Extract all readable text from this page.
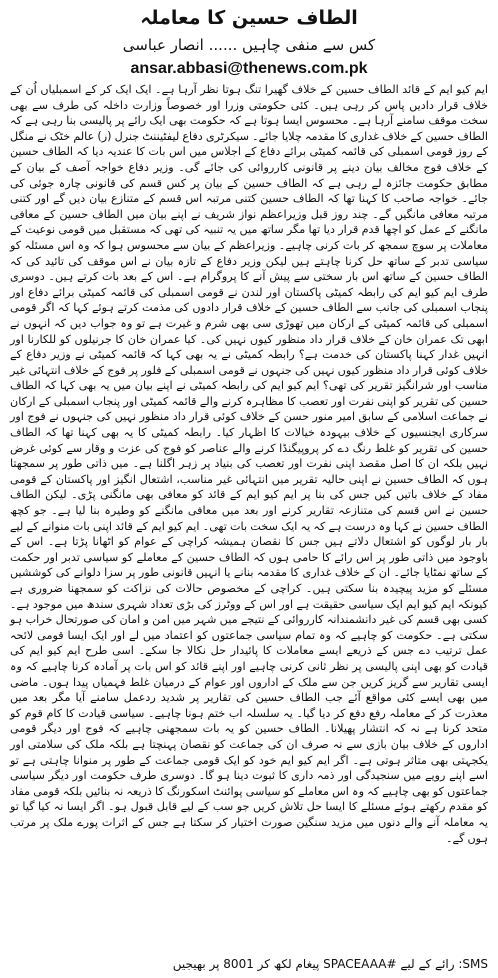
الطاف حسین کا معاملہ

کس سے منفی چاہیں ...... انصار عباسی

ansar.abbasi@thenews.com.pk

ایم کیو ایم کے قائد الطاف حسین کے خلاف گھیرا تنگ ہوتا نظر آرہا ہے۔ ایک ایک کر کے اسمبلیاں اُن کے خلاف قرار دادیں پاس کر رہی ہیں۔ کئی حکومتی وزرا اور خصوصاً وزارت داخلہ کی طرف سے بھی سخت موقف سامنے آرہا ہے۔ محسوس ایسا ہوتا ہے کہ حکومت بھی ایک رائے پر پالیسی بنا رہی ہے کہ الطاف حسین کے خلاف غداری کا مقدمہ چلایا جائے۔ سیکرٹری دفاع لیفٹیننٹ جنرل (ر) عالم خٹک نے منگل کے روز قومی اسمبلی کی قائمہ کمیٹی برائے دفاع کے اجلاس میں اس بات کا عندیہ دیا کہ الطاف حسین کے خلاف فوج مخالف بیان دینے پر قانونی کارروائی کی جائے گی۔ وزیر دفاع خواجہ آصف کے بیان کے مطابق حکومت جائزہ لے رہی ہے کہ الطاف حسین کے بیان پر کس قسم کی قانونی چارہ جوئی کی جائے۔ خواجہ صاحب کا کہنا تھا کہ الطاف حسین کتنی مرتبہ اس قسم کے متنازع بیان دیں گے اور کتنی مرتبہ معافی مانگیں گے۔ چند روز قبل وزیراعظم نواز شریف نے اپنے بیان میں الطاف حسین کے معافی مانگنے کے عمل کو اچھا قدم قرار دیا تھا مگر ساتھ میں یہ تنبیہ کی تھی کہ مستقبل میں قومی نوعیت کے معاملات پر سوچ سمجھ کر بات کرنی چاہیے۔ وزیراعظم کے بیان سے محسوس ہوا کہ وہ اس مسئلہ کو سیاسی تدبر کے ساتھ حل کرنا چاہتے ہیں لیکن وزیر دفاع کے تازہ بیان نے اس موقف کی تائید کی کہ الطاف حسین کے ساتھ اس بار سختی سے پیش آنے کا پروگرام ہے۔ اس کے بعد بات کرتے ہیں۔ دوسری طرف ایم کیو ایم کی رابطہ کمیٹی پاکستان اور لندن نے قومی اسمبلی کی قائمہ کمیٹی برائے دفاع اور پنجاب اسمبلی کی جانب سے الطاف حسین کے خلاف قرار دادوں کی مذمت کرتے ہوئے کہا کہ اگر قومی اسمبلی کی قائمہ کمیٹی کے ارکان میں تھوڑی سی بھی شرم و غیرت ہے تو وہ جواب دیں کہ انہوں نے ابھی تک عمران خان کے خلاف قرار داد منظور کیوں نہیں کی۔ کیا عمران خان کا جرنیلوں کو للکارنا اور انہیں غدار کہنا پاکستان کی خدمت ہے؟ رابطہ کمیٹی نے یہ بھی کہا کہ قائمہ کمیٹی نے وزیر دفاع کے خلاف کوئی قرار داد منظور کیوں نہیں کی جنہوں نے قومی اسمبلی کے فلور پر فوج کے خلاف انتہائی غیر مناسب اور شرانگیز تقریر کی تھی؟ ایم کیو ایم کی رابطہ کمیٹی نے اپنے بیان میں یہ بھی کہا کہ الطاف حسین کی تقریر کو اپنی نفرت اور تعصب کا مظاہرہ کرنے والے قائمہ کمیٹی اور پنجاب اسمبلی کے ارکان نے جماعت اسلامی کے سابق امیر منور حسن کے خلاف کوئی قرار داد منظور نہیں کی جنہوں نے فوج اور سرکاری ایجنسیوں کے خلاف بیہودہ خیالات کا اظہار کیا۔ رابطہ کمیٹی کا یہ بھی کہنا تھا کہ الطاف حسین کی تقریر کو غلط رنگ دے کر پروپیگنڈا کرنے والے عناصر کو فوج کی عزت و وقار سے کوئی غرض نہیں بلکہ ان کا اصل مقصد اپنی نفرت اور تعصب کی بنیاد پر زہر اگلنا ہے۔ میں ذاتی طور پر سمجھتا ہوں کہ الطاف حسین نے اپنی حالیہ تقریر میں انتہائی غیر مناسب، اشتعال انگیز اور پاکستان کے قومی مفاد کے خلاف باتیں کیں جس کی بنا پر ایم کیو ایم کے قائد کو معافی بھی مانگنی پڑی۔ لیکن الطاف حسین نے اس قسم کی متنازعہ تقاریر کرنے اور بعد میں معافی مانگنے کو وطیرہ بنا لیا ہے۔ جو کچھ الطاف حسین نے کہا وہ درست ہے کہ یہ ایک سخت بات تھی۔ ایم کیو ایم کے قائد اپنی بات منوانے کے لیے بار بار لوگوں کو اشتعال دلاتے ہیں جس کا نقصان ہمیشہ کراچی کے عوام کو اٹھانا پڑتا ہے۔ اس کے باوجود میں ذاتی طور پر اس رائے کا حامی ہوں کہ الطاف حسین کے معاملے کو سیاسی تدبر اور حکمت کے ساتھ نمٹایا جائے۔ ان کے خلاف غداری کا مقدمہ بنانے یا انہیں قانونی طور پر سزا دلوانے کی کوششیں مسئلے کو مزید پیچیدہ بنا سکتی ہیں۔ کراچی کے مخصوص حالات کی نزاکت کو سمجھنا ضروری ہے کیونکہ ایم کیو ایم ایک سیاسی حقیقت ہے اور اس کے ووٹرز کی بڑی تعداد شہری سندھ میں موجود ہے۔ کسی بھی قسم کی غیر دانشمندانہ کارروائی کے نتیجے میں شہر میں امن و امان کی صورتحال خراب ہو سکتی ہے۔ حکومت کو چاہیے کہ وہ تمام سیاسی جماعتوں کو اعتماد میں لے اور ایک ایسا قومی لائحہ عمل ترتیب دے جس کے ذریعے ایسے معاملات کا پائیدار حل نکالا جا سکے۔ اسی طرح ایم کیو ایم کی قیادت کو بھی اپنی پالیسی پر نظر ثانی کرنی چاہیے اور اپنے قائد کو اس بات پر آمادہ کرنا چاہیے کہ وہ ایسی تقاریر سے گریز کریں جن سے ملک کے اداروں اور عوام کے درمیان غلط فہمیاں پیدا ہوں۔ ماضی میں بھی ایسے کئی مواقع آئے جب الطاف حسین کی تقاریر پر شدید ردعمل سامنے آیا مگر بعد میں معذرت کر کے معاملہ رفع دفع کر دیا گیا۔ یہ سلسلہ اب ختم ہونا چاہیے۔ سیاسی قیادت کا کام قوم کو متحد کرنا ہے نہ کہ انتشار پھیلانا۔ الطاف حسین کو یہ بات سمجھنی چاہیے کہ فوج اور دیگر قومی اداروں کے خلاف بیان بازی سے نہ صرف ان کی جماعت کو نقصان پہنچتا ہے بلکہ ملک کی سلامتی اور یکجہتی بھی متاثر ہوتی ہے۔ اگر ایم کیو ایم خود کو ایک قومی جماعت کے طور پر منوانا چاہتی ہے تو اسے اپنے رویے میں سنجیدگی اور ذمہ داری کا ثبوت دینا ہو گا۔ دوسری طرف حکومت اور دیگر سیاسی جماعتوں کو بھی چاہیے کہ وہ اس معاملے کو سیاسی پوائنٹ اسکورنگ کا ذریعہ نہ بنائیں بلکہ قومی مفاد کو مقدم رکھتے ہوئے مسئلے کا ایسا حل تلاش کریں جو سب کے لیے قابل قبول ہو۔ اگر ایسا نہ کیا گیا تو یہ معاملہ آنے والے دنوں میں مزید سنگین صورت اختیار کر سکتا ہے جس کے اثرات پورے ملک پر مرتب ہوں گے۔

SMS: رائے کے لیے #SPACEAAA پیغام لکھ کر 8001 پر بھیجیں
